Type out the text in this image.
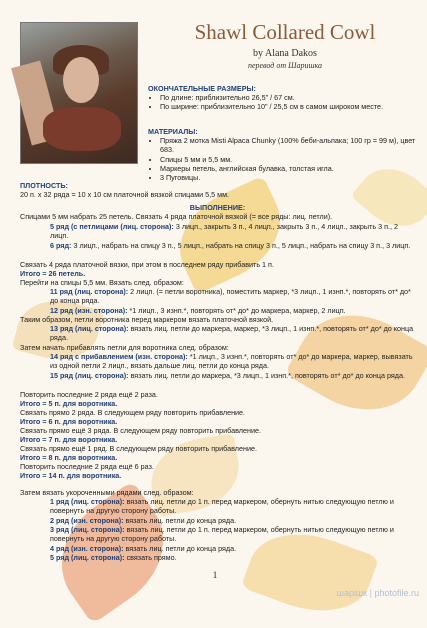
Shawl Collared Cowl
by Alana Dakos
перевод от Шаришка
ОКОНЧАТЕЛЬНЫЕ РАЗМЕРЫ:
• По длине: приблизительно 26,5" / 67 см.
• По ширине: приблизительно 10" / 25,5 см в самом широком месте.
МАТЕРИАЛЫ:
• Пряжа 2 мотка Misti Alpaca Chunky (100% беби-альпака; 100 гр = 99 м), цвет 683.
• Спицы 5 мм и 5,5 мм.
• Маркеры петель, английская булавка, толстая игла.
• 3 Пуговицы.
ПЛОТНОСТЬ:
20 п. х 32 ряда = 10 х 10 см платочной вязкой спицами 5,5 мм.
ВЫПОЛНЕНИЕ:
Спицами 5 мм набрать 25 петель. Связать 4 ряда платочной вязкой (= все ряды: лиц. петли).
5 ряд (с петлицами (лиц. сторона): 3 лицп., закрыть 3 п., 4 лицп., закрыть 3 п., 4 лицп., закрыть 3 п., 2 лицп.
6 ряд: 3 лицп., набрать на спицу 3 п., 5 лицп., набрать на спицу 3 п., 5 лицп., набрать на спицу 3 п., 3 лицп.
Связать 4 ряда платочной вязки, при этом в последнем ряду прибавить 1 п.
Итого = 26 петель.
Перейти на спицы 5,5 мм. Вязать след. образом:
11 ряд (лиц. сторона): 2 лицп. (= петли воротника), поместить маркер, *3 лицп., 1 изнп.*, повторять от* до* до конца ряда.
12 ряд (изн. сторона): *1 лицп., 3 изнп.*, повторять от* до* до маркера, маркер, 2 лицп.
Таким образом, петли воротника перед маркером вязать платочной вязкой.
13 ряд (лиц. сторона): вязать лиц. петли до маркера, маркер, *3 лицп., 1 изнп.*, повторять от* до* до конца ряда.
Затем начать прибавлять петли для воротника след. образом:
14 ряд с прибавлением (изн. сторона): *1 лицп., 3 изнп.*, повторять от* до* до маркера, маркер, вывязать из одной петли 2 лицп., вязать дальше лиц. петли до конца ряда.
15 ряд (лиц. сторона): вязать лиц. петли до маркера, *3 лицп., 1 изнп.*, повторять от* до* до конца ряда.
Повторить последние 2 ряда ещё 2 раза.
Итого = 5 п. для воротника.
Связать прямо 2 ряда. В следующем ряду повторить прибавление.
Итого = 6 п. для воротника.
Связать прямо ещё 3 ряда. В следующем ряду повторить прибавление.
Итого = 7 п. для воротника.
Связать прямо ещё 1 ряд. В следующем ряду повторить прибавление.
Итого = 8 п. для воротника.
Повторить последние 2 ряда ещё 6 раз.
Итого = 14 п. для воротника.
Затем вязать укороченными рядами след. образом:
1 ряд (лиц. сторона): вязать лиц. петли до 1 п. перед маркером, обернуть нитью следующую петлю и повернуть на другую сторону работы.
2 ряд (изн. сторона): вязать лиц. петли до конца ряда.
3 ряд (лиц. сторона): вязать лиц. петли до 1 п. перед маркером, обернуть нитью следующую петлю и повернуть на другую сторону работы.
4 ряд (изн. сторона): вязать лиц. петли до конца ряда.
5 ряд (лиц. сторона): связать прямо.
1
шарiшк | photofile.ru
